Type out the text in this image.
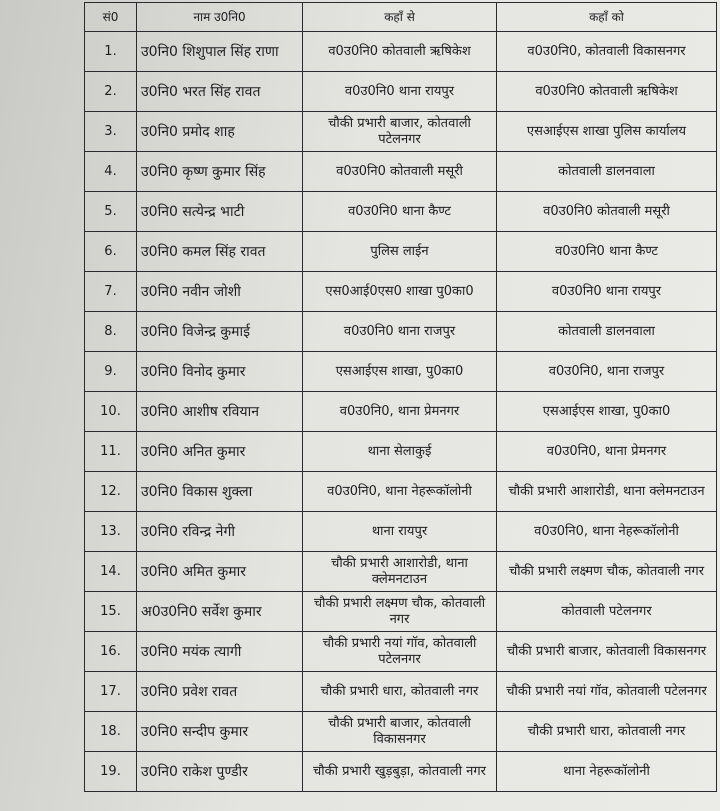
सं0	नाम उ0नि0	कहाँ से	कहाँ को
1.	उ0नि0 शिशुपाल सिंह राणा	व0उ0नि0 कोतवाली ऋषिकेश	व0उ0नि0, कोतवाली विकासनगर
2.	उ0नि0 भरत सिंह रावत	व0उ0नि0 थाना रायपुर	व0उ0नि0 कोतवाली ऋषिकेश
3.	उ0नि0 प्रमोद शाह	चौकी प्रभारी बाजार, कोतवाली पटेलनगर	एसआईएस शाखा पुलिस कार्यालय
4.	उ0नि0 कृष्ण कुमार सिंह	व0उ0नि0 कोतवाली मसूरी	कोतवाली डालनवाला
5.	उ0नि0 सत्येन्द्र भाटी	व0उ0नि0 थाना कैण्ट	व0उ0नि0 कोतवाली मसूरी
6.	उ0नि0 कमल सिंह रावत	पुलिस लाईन	व0उ0नि0 थाना कैण्ट
7.	उ0नि0 नवीन जोशी	एस0आई0एस0 शाखा पु0का0	व0उ0नि0 थाना रायपुर
8.	उ0नि0 विजेन्द्र कुमाई	व0उ0नि0 थाना राजपुर	कोतवाली डालनवाला
9.	उ0नि0 विनोद कुमार	एसआईएस शाखा, पु0का0	व0उ0नि0, थाना राजपुर
10.	उ0नि0 आशीष रवियान	व0उ0नि0, थाना प्रेमनगर	एसआईएस शाखा, पु0का0
11.	उ0नि0 अनित कुमार	थाना सेलाकुई	व0उ0नि0, थाना प्रेमनगर
12.	उ0नि0 विकास शुक्ला	व0उ0नि0, थाना नेहरूकॉलोनी	चौकी प्रभारी आशारोडी, थाना क्लेमनटाउन
13.	उ0नि0 रविन्द्र नेगी	थाना रायपुर	व0उ0नि0, थाना नेहरूकॉलोनी
14.	उ0नि0 अमित कुमार	चौकी प्रभारी आशारोडी, थाना क्लेमनटाउन	चौकी प्रभारी लक्ष्मण चौक, कोतवाली नगर
15.	अ0उ0नि0 सर्वेश कुमार	चौकी प्रभारी लक्ष्मण चौक, कोतवाली नगर	कोतवाली पटेलनगर
16.	उ0नि0 मयंक त्यागी	चौकी प्रभारी नयां गॉव, कोतवाली पटेलनगर	चौकी प्रभारी बाजार, कोतवाली विकासनगर
17.	उ0नि0 प्रवेश रावत	चौकी प्रभारी धारा, कोतवाली नगर	चौकी प्रभारी नयां गॉव, कोतवाली पटेलनगर
18.	उ0नि0 सन्दीप कुमार	चौकी प्रभारी बाजार, कोतवाली विकासनगर	चौकी प्रभारी धारा, कोतवाली नगर
19.	उ0नि0 राकेश पुण्डीर	चौकी प्रभारी खुड़बुड़ा, कोतवाली नगर	थाना नेहरूकॉलोनी
